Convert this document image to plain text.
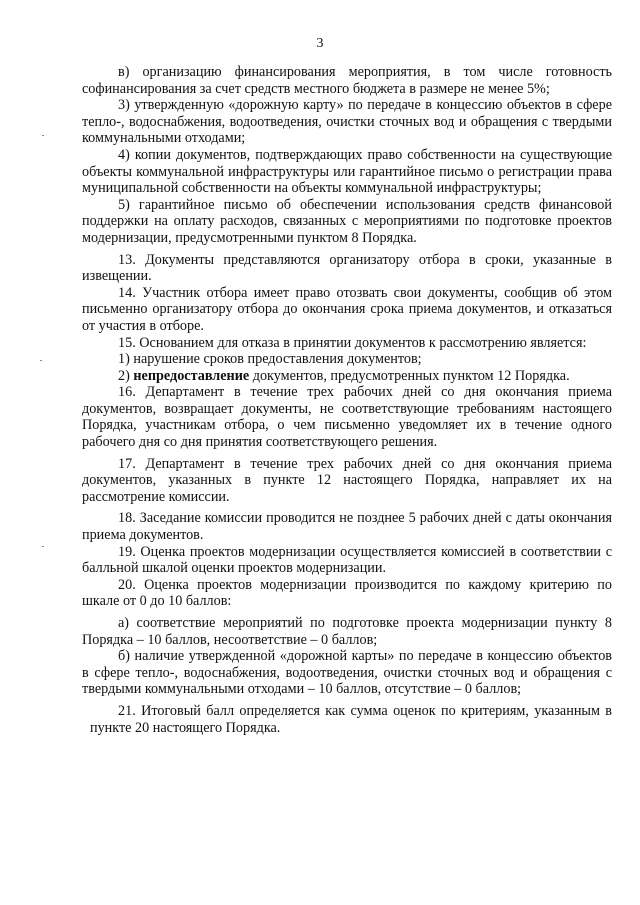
3

в) организацию финансирования мероприятия, в том числе готовность софинансирования за счет средств местного бюджета в размере не менее 5%;

3) утвержденную «дорожную карту» по передаче в концессию объектов в сфере тепло-, водоснабжения, водоотведения, очистки сточных вод и обращения с твердыми коммунальными отходами;

4) копии документов, подтверждающих право собственности на существующие объекты коммунальной инфраструктуры или гарантийное письмо о регистрации права муниципальной собственности на объекты коммунальной инфраструктуры;

5) гарантийное письмо об обеспечении использования средств финансовой поддержки на оплату расходов, связанных с мероприятиями по подготовке проектов модернизации, предусмотренными пунктом 8 Порядка.

13. Документы представляются организатору отбора в сроки, указанные в извещении.

14. Участник отбора имеет право отозвать свои документы, сообщив об этом письменно организатору отбора до окончания срока приема документов, и отказаться от участия в отборе.

15. Основанием для отказа в принятии документов к рассмотрению является:

1) нарушение сроков предоставления документов;

2) непредоставление документов, предусмотренных пунктом 12 Порядка.

16. Департамент в течение трех рабочих дней со дня окончания приема документов, возвращает документы, не соответствующие требованиям настоящего Порядка, участникам отбора, о чем письменно уведомляет их в течение одного рабочего дня со дня принятия соответствующего решения.

17. Департамент в течение трех рабочих дней со дня окончания приема документов, указанных в пункте 12 настоящего Порядка, направляет их на рассмотрение комиссии.

18. Заседание комиссии проводится не позднее 5 рабочих дней с даты окончания приема документов.

19. Оценка проектов модернизации осуществляется комиссией в соответствии с балльной шкалой оценки проектов модернизации.

20. Оценка проектов модернизации производится по каждому критерию по шкале от 0 до 10 баллов:

а) соответствие мероприятий по подготовке проекта модернизации пункту 8 Порядка – 10 баллов, несоответствие – 0 баллов;

б) наличие утвержденной «дорожной карты» по передаче в концессию объектов в сфере тепло-, водоснабжения, водоотведения, очистки сточных вод и обращения с твердыми коммунальными отходами – 10 баллов, отсутствие – 0 баллов;

21. Итоговый балл определяется как сумма оценок по критериям, указанным в пункте 20 настоящего Порядка.
